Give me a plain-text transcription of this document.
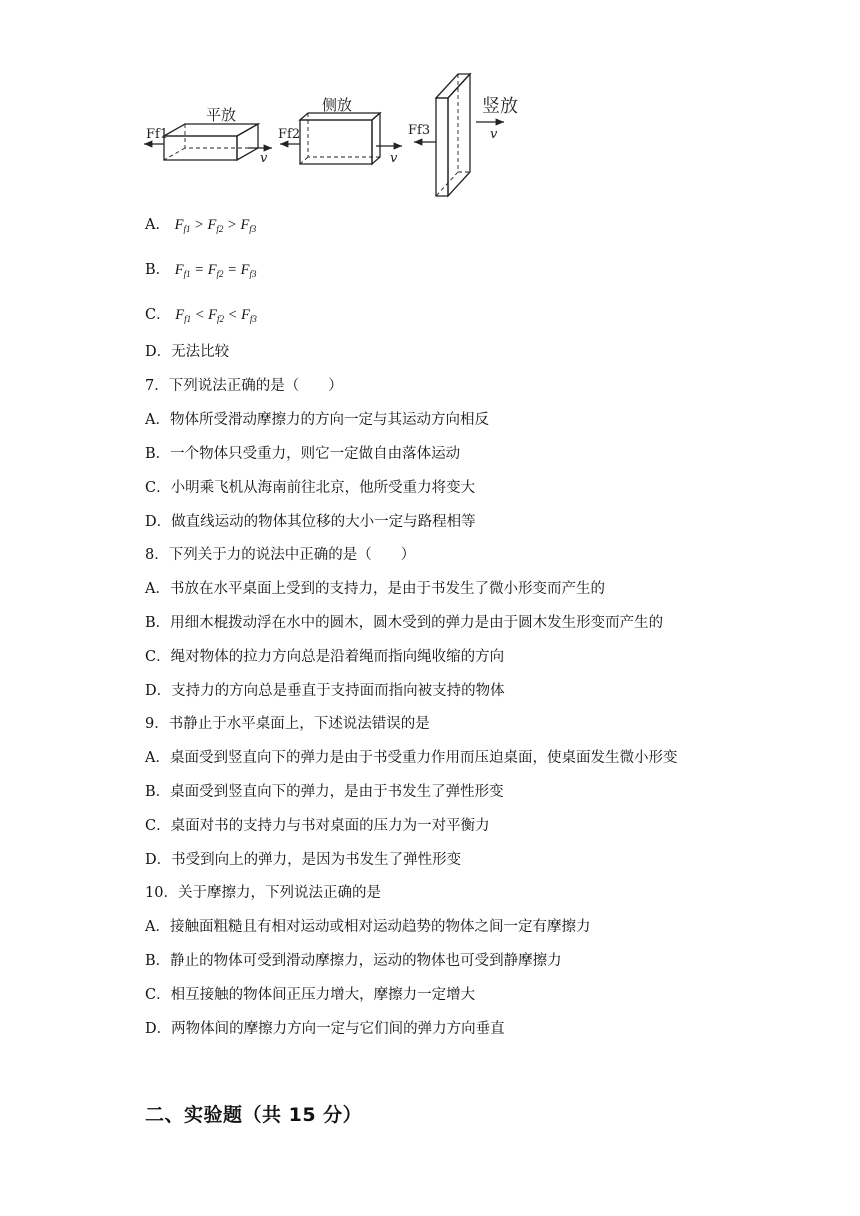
平放
Ff1
v
侧放
Ff2
v
竖放
Ff3	v
A． $F_{f1} > F_{f2} > F_{f3}$
B． $F_{f1} = F_{f2} = F_{f3}$
C． $F_{f1} < F_{f2} < F_{f3}$
D．无法比较
7．下列说法正确的是（　　）
A．物体所受滑动摩擦力的方向一定与其运动方向相反
B．一个物体只受重力，则它一定做自由落体运动
C．小明乘飞机从海南前往北京，他所受重力将变大
D．做直线运动的物体其位移的大小一定与路程相等
8．下列关于力的说法中正确的是（　　）
A．书放在水平桌面上受到的支持力，是由于书发生了微小形变而产生的
B．用细木棍拨动浮在水中的圆木，圆木受到的弹力是由于圆木发生形变而产生的
C．绳对物体的拉力方向总是沿着绳而指向绳收缩的方向
D．支持力的方向总是垂直于支持面而指向被支持的物体
9．书静止于水平桌面上，下述说法错误的是
A．桌面受到竖直向下的弹力是由于书受重力作用而压迫桌面，使桌面发生微小形变
B．桌面受到竖直向下的弹力，是由于书发生了弹性形变
C．桌面对书的支持力与书对桌面的压力为一对平衡力
D．书受到向上的弹力，是因为书发生了弹性形变
10．关于摩擦力，下列说法正确的是
A．接触面粗糙且有相对运动或相对运动趋势的物体之间一定有摩擦力
B．静止的物体可受到滑动摩擦力，运动的物体也可受到静摩擦力
C．相互接触的物体间正压力增大，摩擦力一定增大
D．两物体间的摩擦力方向一定与它们间的弹力方向垂直
二、实验题（共 15 分）
